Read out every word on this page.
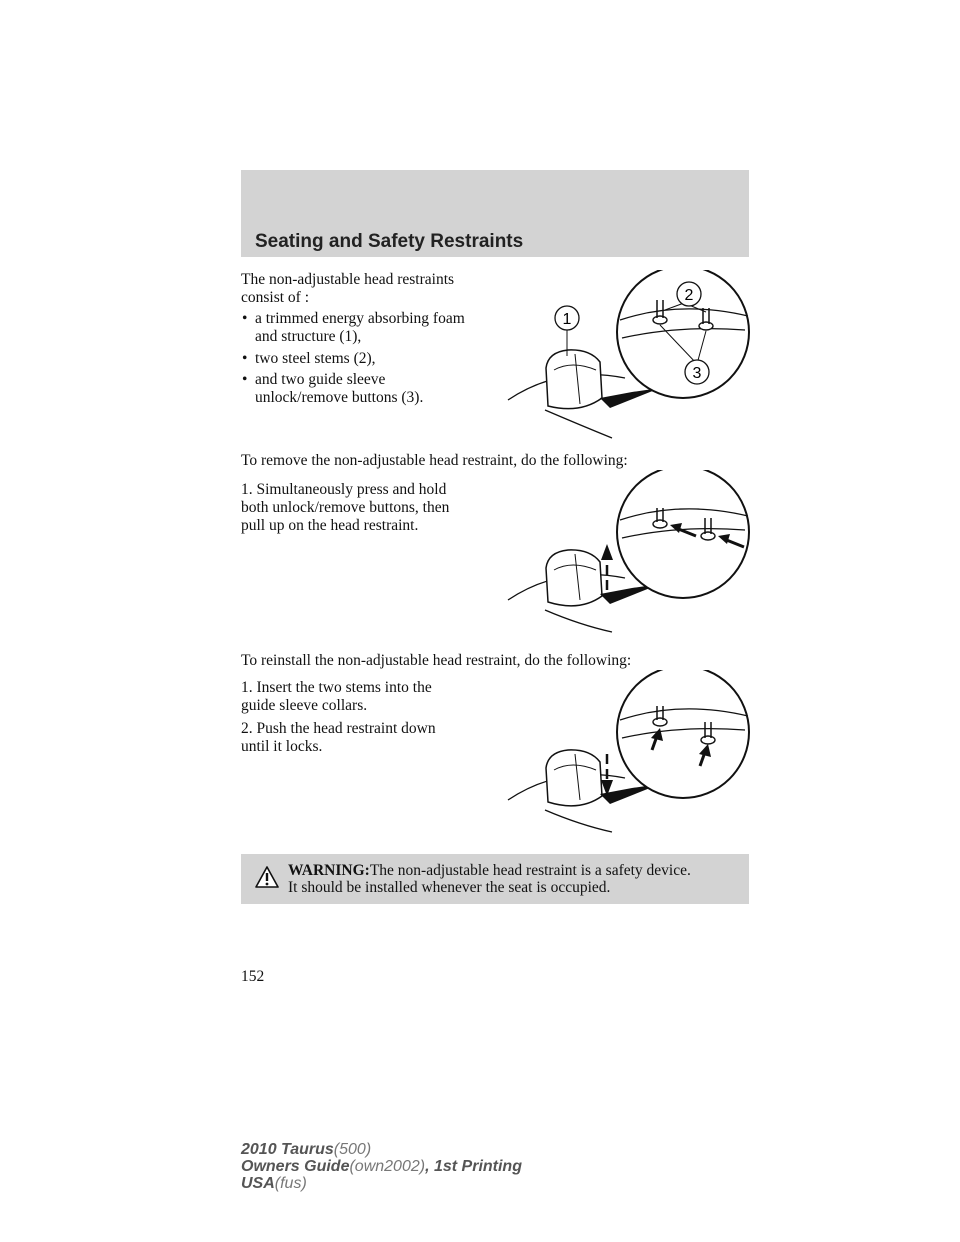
Seating and Safety Restraints
The non-adjustable head restraints
consist of :
• a trimmed energy absorbing foam
and structure (1),
• two steel stems (2),
• and two guide sleeve
unlock/remove buttons (3).
1
2
3
To remove the non-adjustable head restraint, do the following:
1. Simultaneously press and hold
both unlock/remove buttons, then
pull up on the head restraint.
To reinstall the non-adjustable head restraint, do the following:
1. Insert the two stems into the
guide sleeve collars.
2. Push the head restraint down
until it locks.
WARNING:The non-adjustable head restraint is a safety device.
It should be installed whenever the seat is occupied.
152
2010 Taurus(500)
Owners Guide(own2002), 1st Printing
USA(fus)
